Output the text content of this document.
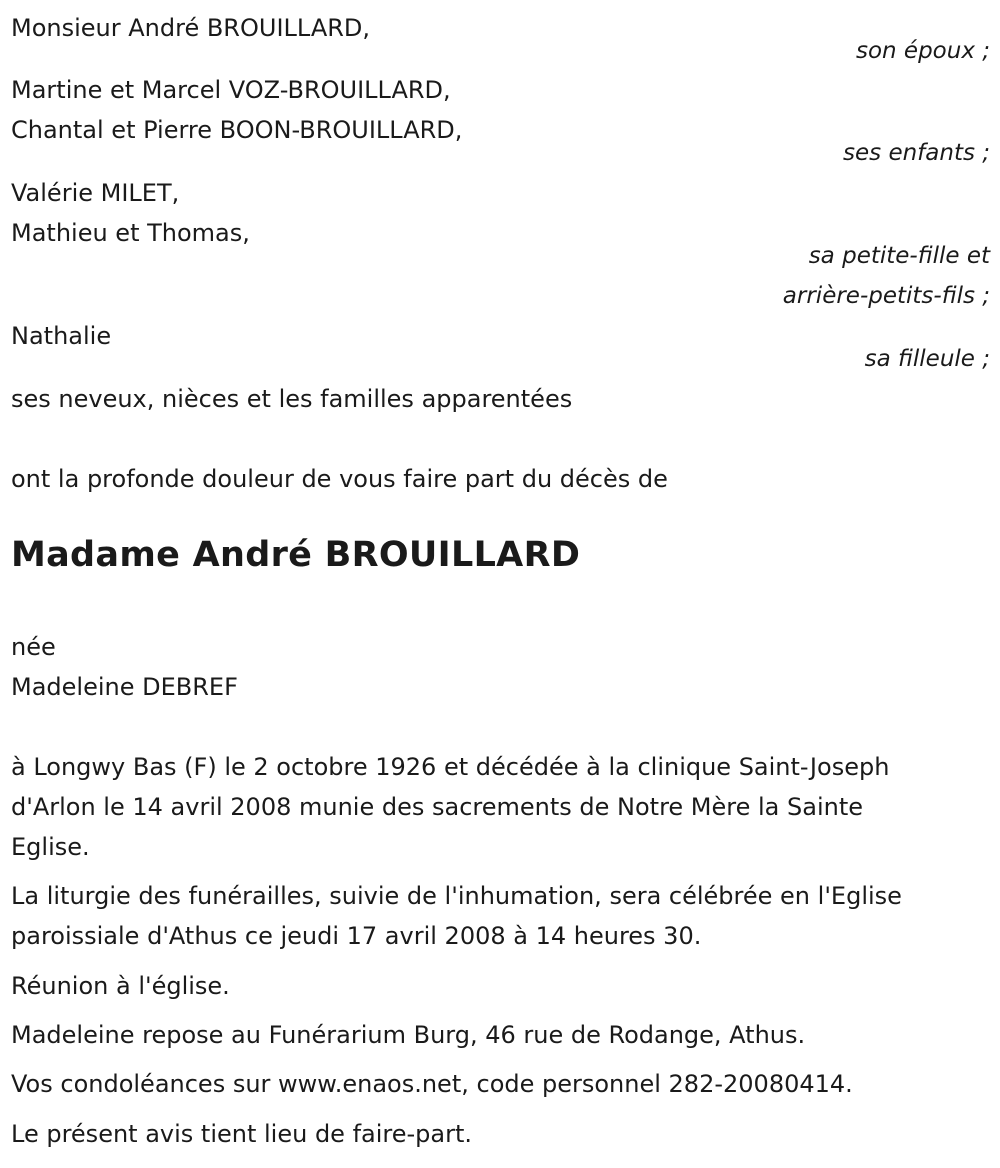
Monsieur André BROUILLARD,
son époux ;
Martine et Marcel VOZ-BROUILLARD,
Chantal et Pierre BOON-BROUILLARD,
ses enfants ;
Valérie MILET,
Mathieu et Thomas,
sa petite-fille et
arrière-petits-fils ;
Nathalie
sa filleule ;
ses neveux, nièces et les familles apparentées
ont la profonde douleur de vous faire part du décès de
Madame André BROUILLARD
née
Madeleine DEBREF
à Longwy Bas (F) le 2 octobre 1926 et décédée à la clinique Saint-Joseph
d'Arlon le 14 avril 2008 munie des sacrements de Notre Mère la Sainte
Eglise.
La liturgie des funérailles, suivie de l'inhumation, sera célébrée en l'Eglise
paroissiale d'Athus ce jeudi 17 avril 2008 à 14 heures 30.
Réunion à l'église.
Madeleine repose au Funérarium Burg, 46 rue de Rodange, Athus.
Vos condoléances sur www.enaos.net, code personnel 282-20080414.
Le présent avis tient lieu de faire-part.
